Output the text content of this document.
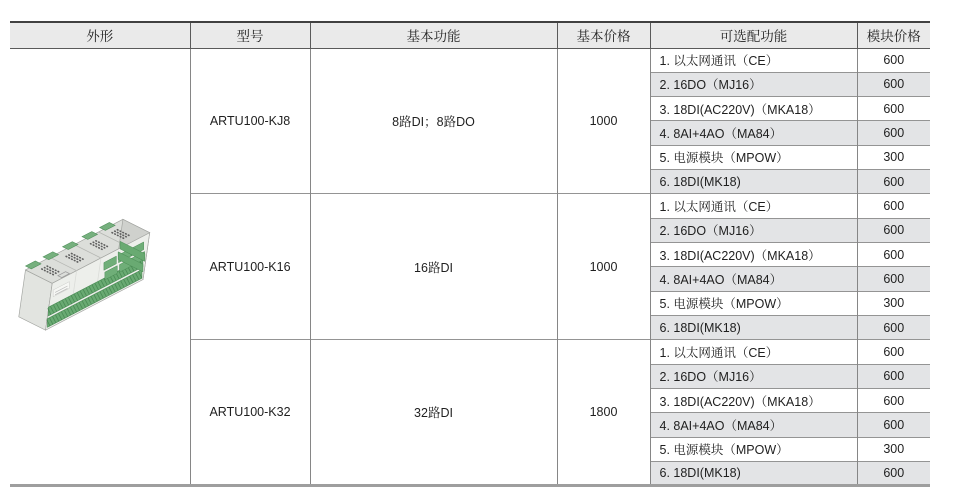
外形	型号	基本功能	基本价格	可选配功能	模块价格

	ARTU100-KJ8	8路DI；8路DO	1000	1. 以太网通讯（CE）	600
				2. 16DO（MJ16）	600
				3. 18DI(AC220V)（MKA18）	600
				4. 8AI+4AO（MA84）	600
				5. 电源模块（MPOW）	300
				6. 18DI(MK18)	600
	ARTU100-K16	16路DI	1000	1. 以太网通讯（CE）	600
				2. 16DO（MJ16）	600
				3. 18DI(AC220V)（MKA18）	600
				4. 8AI+4AO（MA84）	600
				5. 电源模块（MPOW）	300
				6. 18DI(MK18)	600
	ARTU100-K32	32路DI	1800	1. 以太网通讯（CE）	600
				2. 16DO（MJ16）	600
				3. 18DI(AC220V)（MKA18）	600
				4. 8AI+4AO（MA84）	600
				5. 电源模块（MPOW）	300
				6. 18DI(MK18)	600
